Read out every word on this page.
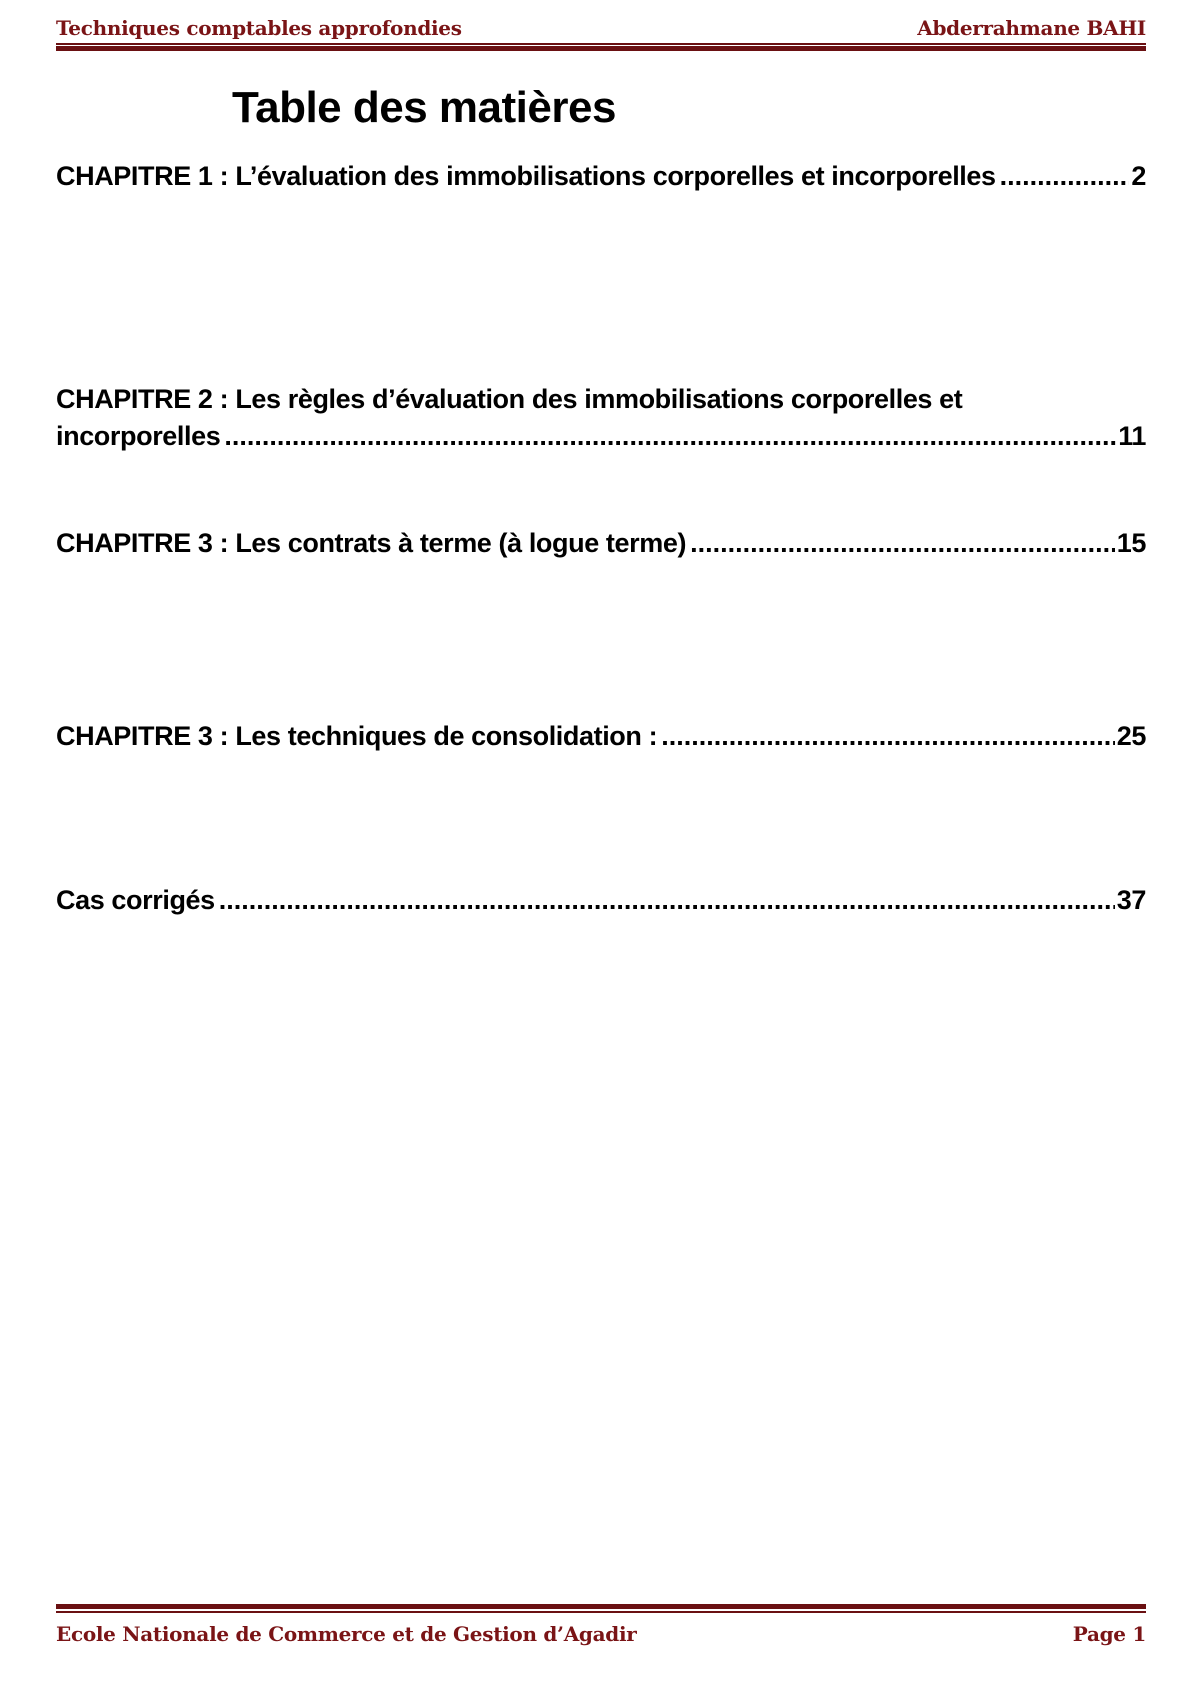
Techniques comptables approfondies	Abderrahmane BAHI
Table des matières
CHAPITRE 1 : L’évaluation des immobilisations corporelles et incorporelles .....	2
CHAPITRE 2 : Les règles d’évaluation des immobilisations corporelles et
incorporelles .....	11
CHAPITRE 3 : Les contrats à terme (à logue terme) .....	15
CHAPITRE 3 : Les techniques de consolidation : .....	25
Cas corrigés .....	37
Ecole Nationale de Commerce et de Gestion d’Agadir	Page 1
